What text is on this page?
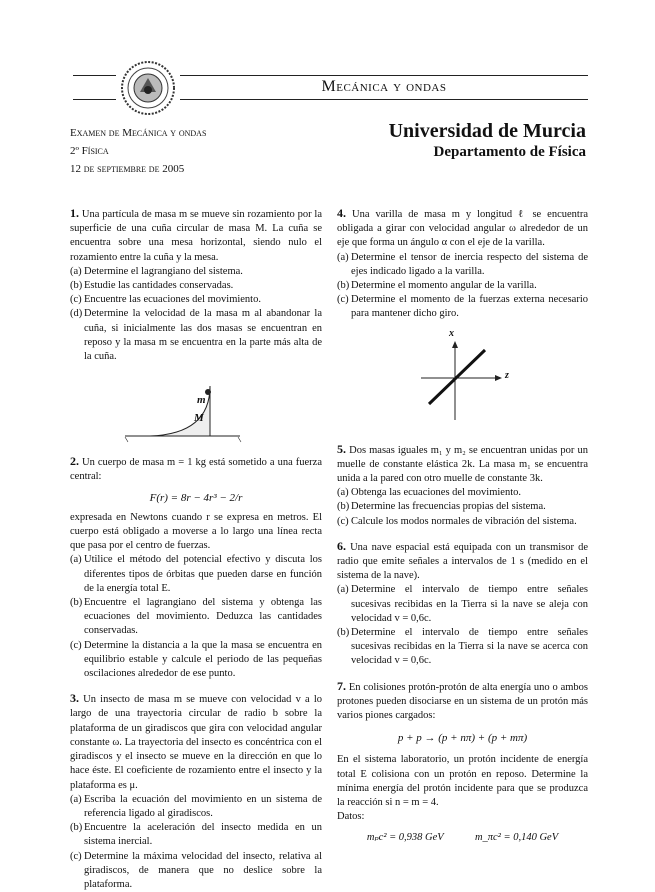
Mecánica y ondas
Examen de Mecánica y ondas
2º Física
12 de septiembre de 2005
Universidad de Murcia
Departamento de Física
1. Una partícula de masa m se mueve sin rozamiento por la superficie de una cuña circular de masa M. La cuña se encuentra sobre una mesa horizontal, siendo nulo el rozamiento entre la cuña y la mesa.
(a) Determine el lagrangiano del sistema.
(b) Estudie las cantidades conservadas.
(c) Encuentre las ecuaciones del movimiento.
(d) Determine la velocidad de la masa m al abandonar la cuña, si inicialmente las dos masas se encuentran en reposo y la masa m se encuentra en la parte más alta de la cuña.
m
M
2. Un cuerpo de masa m = 1 kg está sometido a una fuerza central:
F(r) = 8r − 4r³ − 2/r
expresada en Newtons cuando r se expresa en metros. El cuerpo está obligado a moverse a lo largo una línea recta que pasa por el centro de fuerzas.
(a) Utilice el método del potencial efectivo y discuta los diferentes tipos de órbitas que pueden darse en función de la energía total E.
(b) Encuentre el lagrangiano del sistema y obtenga las ecuaciones del movimiento. Deduzca las cantidades conservadas.
(c) Determine la distancia a la que la masa se encuentra en equilibrio estable y calcule el periodo de las pequeñas oscilaciones alrededor de ese punto.
3. Un insecto de masa m se mueve con velocidad v a lo largo de una trayectoria circular de radio b sobre la plataforma de un giradiscos que gira con velocidad angular constante ω. La trayectoria del insecto es concéntrica con el giradiscos y el insecto se mueve en la dirección en que lo hace éste. El coeficiente de rozamiento entre el insecto y la plataforma es μ.
(a) Escriba la ecuación del movimiento en un sistema de referencia ligado al giradiscos.
(b) Encuentre la aceleración del insecto medida en un sistema inercial.
(c) Determine la máxima velocidad del insecto, relativa al giradiscos, de manera que no deslice sobre la plataforma.
4. Una varilla de masa m y longitud ℓ se encuentra obligada a girar con velocidad angular ω alrededor de un eje que forma un ángulo α con el eje de la varilla.
(a) Determine el tensor de inercia respecto del sistema de ejes indicado ligado a la varilla.
(b) Determine el momento angular de la varilla.
(c) Determine el momento de la fuerzas externa necesario para mantener dicho giro.
x
z
5. Dos masas iguales m₁ y m₂ se encuentran unidas por un muelle de constante elástica 2k. La masa m₁ se encuentra unida a la pared con otro muelle de constante 3k.
(a) Obtenga las ecuaciones del movimiento.
(b) Determine las frecuencias propias del sistema.
(c) Calcule los modos normales de vibración del sistema.
6. Una nave espacial está equipada con un transmisor de radio que emite señales a intervalos de 1 s (medido en el sistema de la nave).
(a) Determine el intervalo de tiempo entre señales sucesivas recibidas en la Tierra si la nave se aleja con velocidad v = 0,6c.
(b) Determine el intervalo de tiempo entre señales sucesivas recibidas en la Tierra si la nave se acerca con velocidad v = 0,6c.
7. En colisiones protón-protón de alta energía uno o ambos protones pueden disociarse en un sistema de un protón más varios piones cargados:
p + p → (p + nπ) + (p + mπ)
En el sistema laboratorio, un protón incidente de energía total E colisiona con un protón en reposo. Determine la mínima energía del protón incidente para que se produzca la reacción si n = m = 4.
Datos:
mₚc² = 0,938 GeV	m_πc² = 0,140 GeV
